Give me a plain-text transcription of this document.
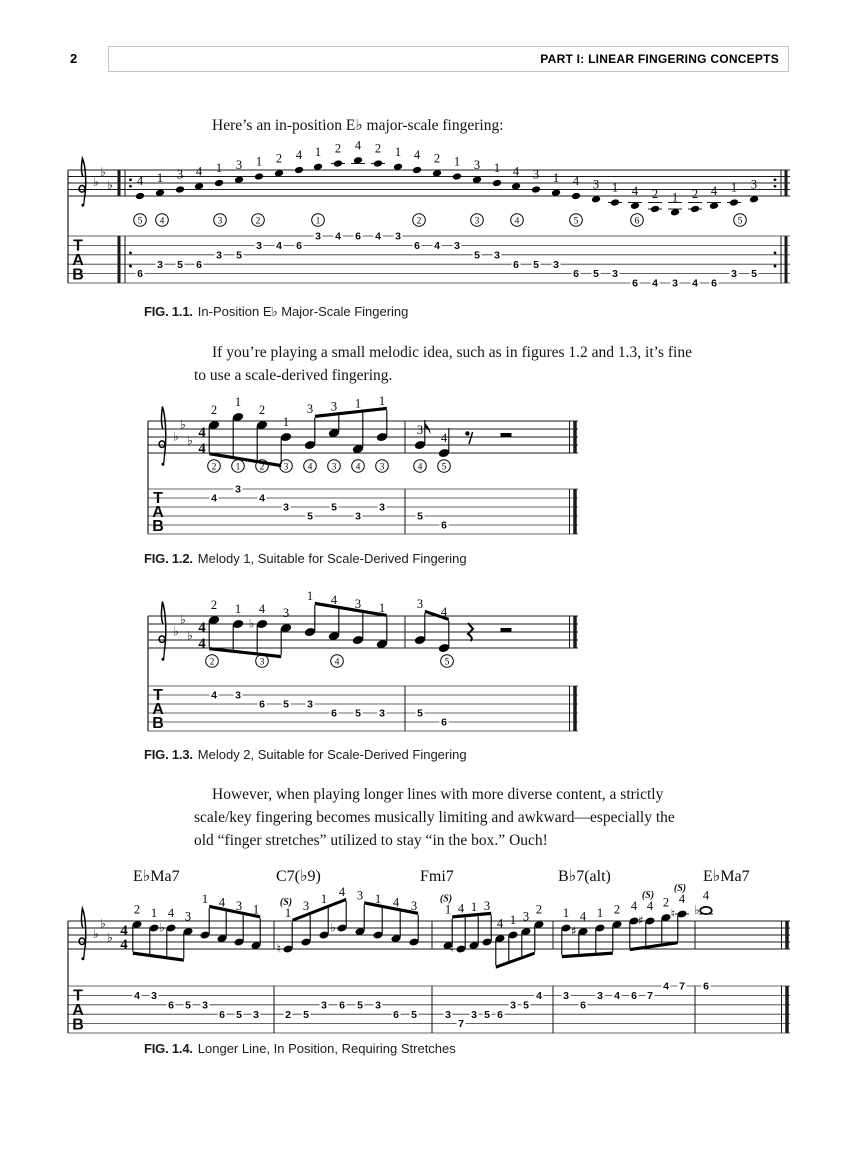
2	PART I: LINEAR FINGERING CONCEPTS
Here’s an in-position E♭ major-scale fingering:
♭
♭
♭ 4 1 3 4 1 3 1 2 4 1 2 4 2 1 4 2 1 3 1 4 3 1 4 3 1 4 2 1 2 4 1 3
5 4	3	2	1	2	3	4	5	6	5
T
A
B	6
3 5 6
3 5
3 4 6
3 4 6 4 3
6 4 3
5 3
6 5 3
6 5 3
6 4 3 4 6
3 5
♭
♭
♭ 4
4
2
1
2
1
3 3 1 1
3
4
2 1 2 3 4 3 4 3	4 5
T
A
B
4
3
4
3
5
5
3
3
5
6
♭
♭
♭ 4
4
♭
2 1 4 3
1 4 3 1	3
4
2	3	4	5
T
A
B
4 3
6 5 3
6 5 3	5
6
♭
♭
♭ 4
4
♭
♮
♭
♮
♯
♯ ♮ ♭
2 1 4 3
1 4 3 1 1 3 1 4 3 1 4 3 1 4 1 3
4 1 3 2 1 4 1 2 4 4 2 4 4
(S)	(S)	(S)
(S)
E♭Ma7	C7(♭9)	Fmi7	B♭7(alt)	E♭Ma7
T
A
B
4 3
6 5 3
6 5 3 2 5
3 6 5 3
6 5	3
7
3 5 6
3 5
4 3
6
3 4 6 7
4 7 6
FIG. 1.1. In-Position E♭ Major-Scale Fingering
If you’re playing a small melodic idea, such as in figures 1.2 and 1.3, it’s fine
to use a scale-derived fingering.
FIG. 1.2. Melody 1, Suitable for Scale-Derived Fingering
FIG. 1.3. Melody 2, Suitable for Scale-Derived Fingering
However, when playing longer lines with more diverse content, a strictly
scale/key fingering becomes musically limiting and awkward—especially the
old “finger stretches” utilized to stay “in the box.” Ouch!
FIG. 1.4. Longer Line, In Position, Requiring Stretches
